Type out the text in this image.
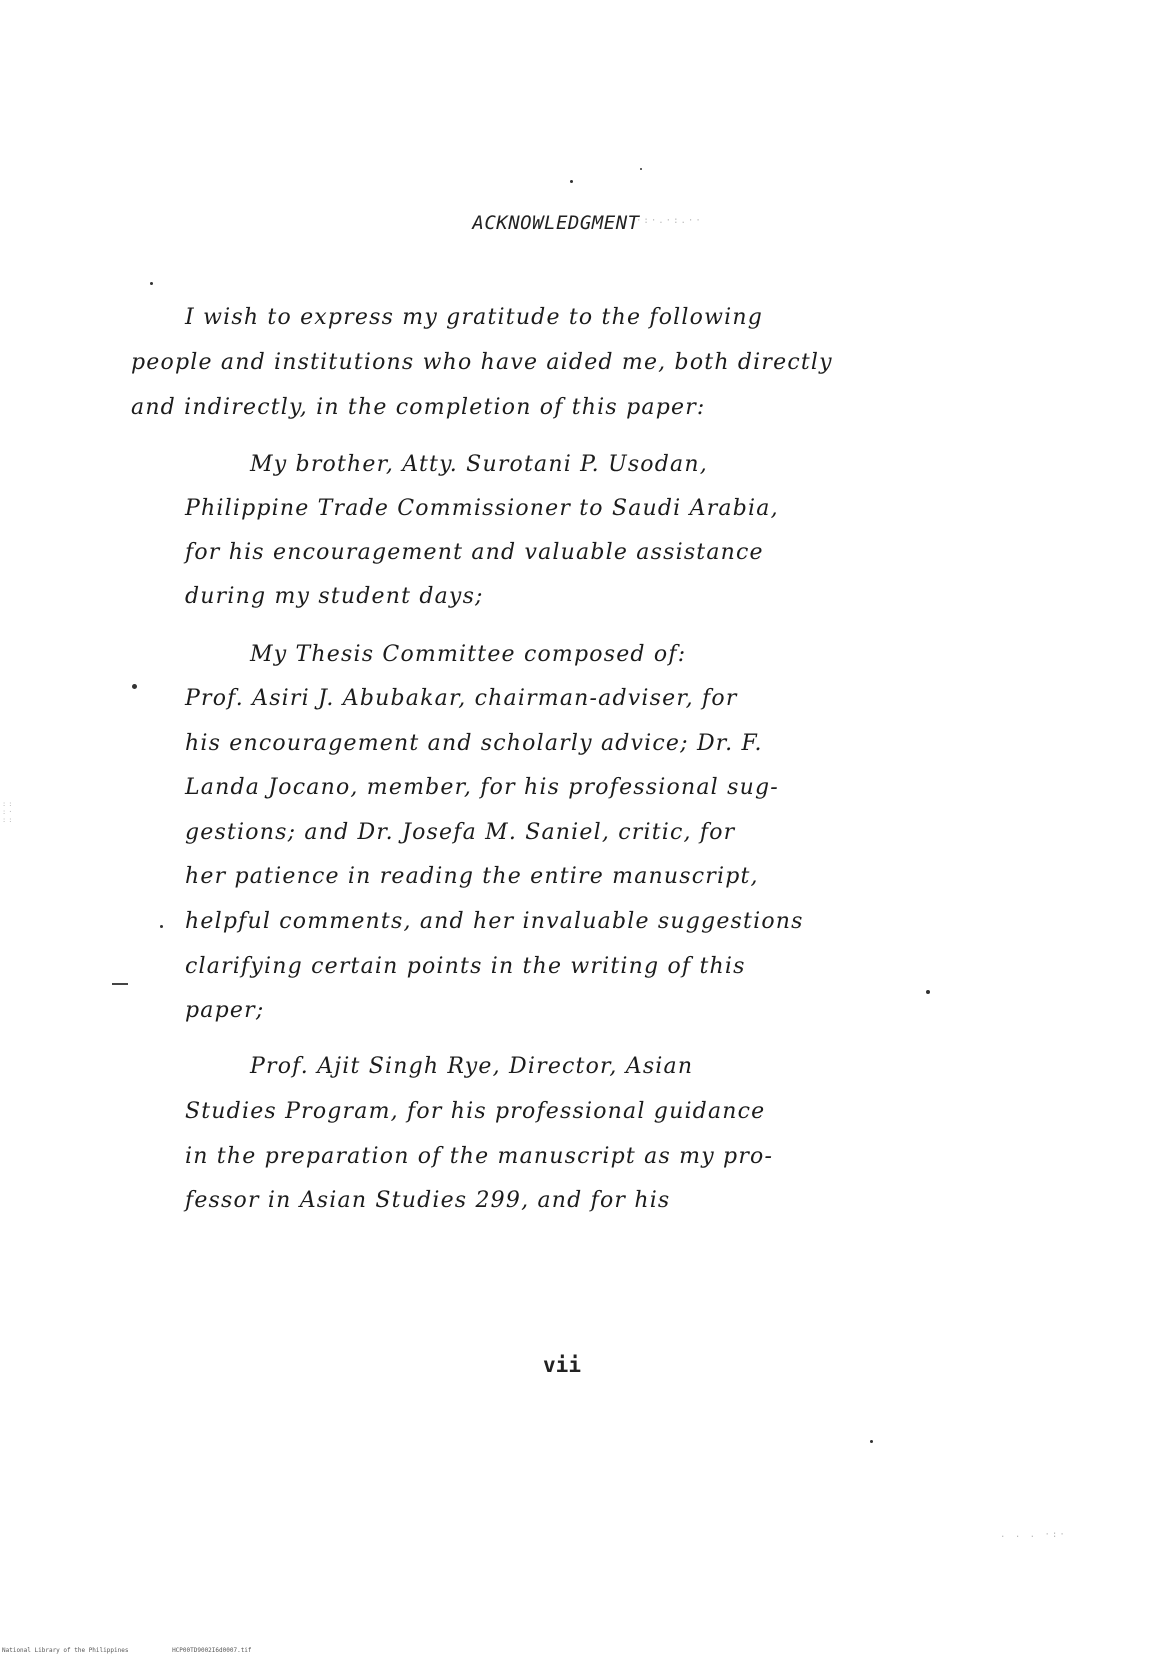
ACKNOWLEDGMENT
I wish to express my gratitude to the following
people and institutions who have aided me, both directly
and indirectly, in the completion of this paper:
My brother, Atty. Surotani P. Usodan,
Philippine Trade Commissioner to Saudi Arabia,
for his encouragement and valuable assistance
during my student days;
My Thesis Committee composed of:
Prof. Asiri J. Abubakar, chairman-adviser, for
his encouragement and scholarly advice; Dr. F.
Landa Jocano, member, for his professional sug-
gestions; and Dr. Josefa M. Saniel, critic, for
her patience in reading the entire manuscript,
helpful comments, and her invaluable suggestions
clarifying certain points in the writing of this
paper;
Prof. Ajit Singh Rye, Director, Asian
Studies Program, for his professional guidance
in the preparation of the manuscript as my pro-
fessor in Asian Studies 299, and for his
vii
·:·.·:.··
::
:·
::
. . . ·:·
National Library of the Philippines	HCP00TD9002I6d0007.tif
